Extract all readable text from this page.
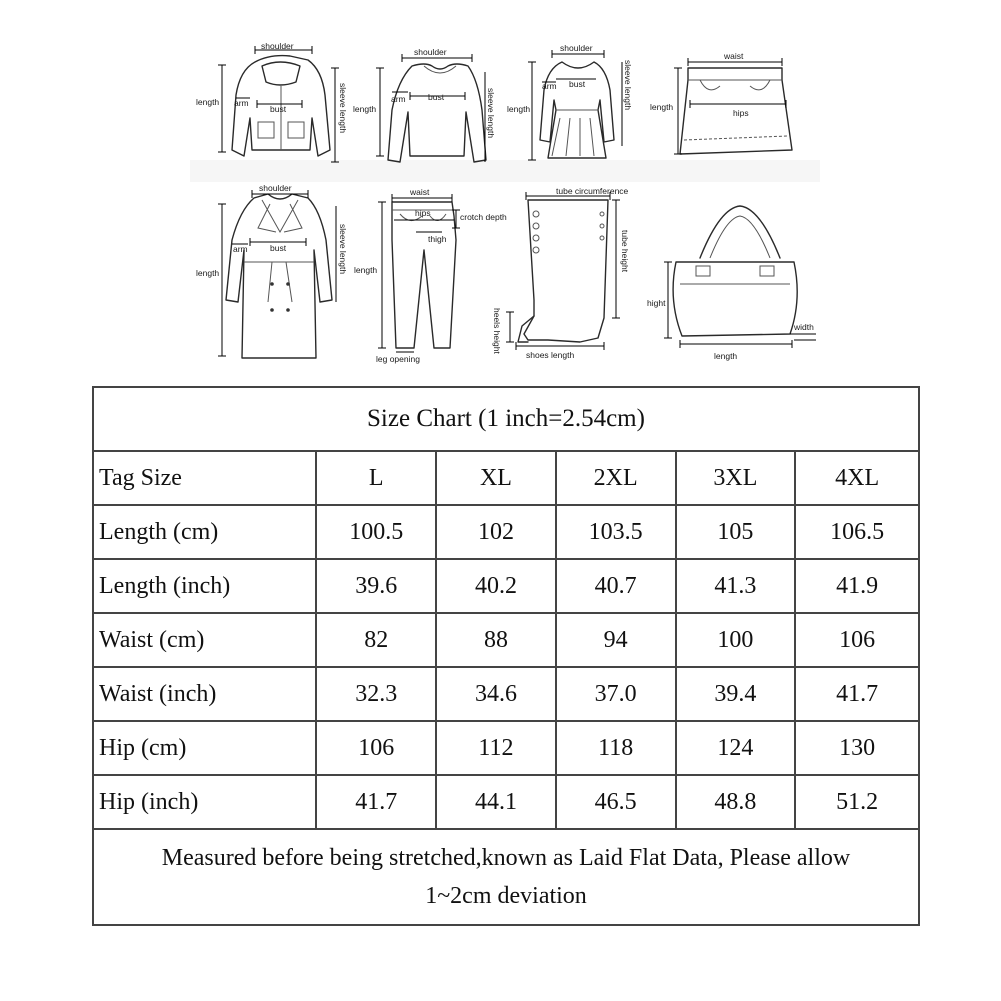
shoulder
length arm
bust	sleeve length
shoulder
length
arm	bust	sleeve length
shoulder
length
arm bust	sleeve length
waist
length
hips
shoulder
length
arm	bust	sleeve length
waist
length
hips	crotch depth
thigh
leg opening
tube circumference
tube height
heels height
shoes length
hight
width
length
Size Chart (1 inch=2.54cm)					
Tag Size	L	XL	2XL	3XL	4XL
Length (cm)	100.5	102	103.5	105	106.5
Length (inch)	39.6	40.2	40.7	41.3	41.9
Waist (cm)	82	88	94	100	106
Waist (inch)	32.3	34.6	37.0	39.4	41.7
Hip (cm)	106	112	118	124	130
Hip (inch)	41.7	44.1	46.5	48.8	51.2

Measured before being stretched,known as Laid Flat Data, Please allow
1~2cm deviation					
